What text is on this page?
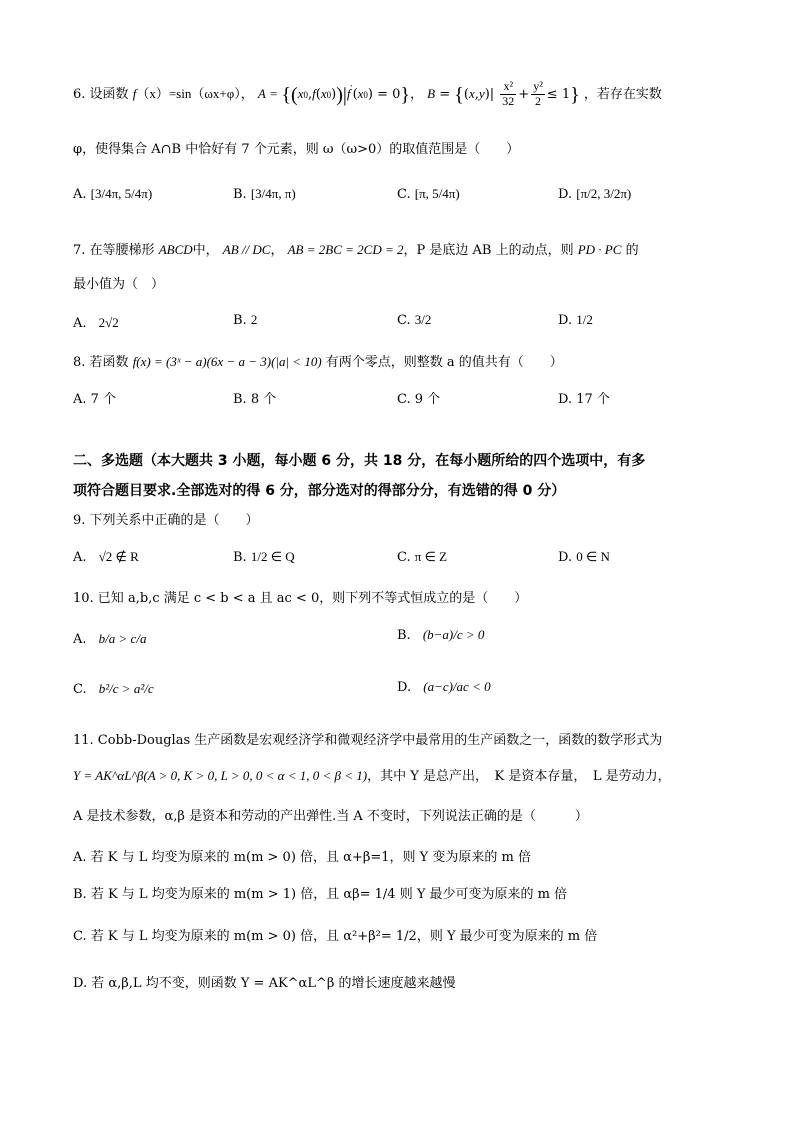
6. 设函数 f（x）=sin（ωx+φ）， A = {(x0,f(x0))|f′(x0) = 0}， $B = \{(x,y)| \frac{\text{x²}}{32} + \frac{\text{y²}}{2} \le 1\}$ ，若存在实数
φ，使得集合 A∩B 中恰好有 7 个元素，则 ω（ω>0）的取值范围是（　　）
A. [3/4π, 5/4π)	B. [3/4π, π)	C. [π, 5/4π)	D. [π/2, 3/2π)
7. 在等腰梯形 ABCD中， AB // DC， AB = 2BC = 2CD = 2，P 是底边 AB 上的动点，则 PD · PC 的
最小值为（　）
A. 2√2	B. 2	C. 3/2	D. 1/2
8. 若函数 f(x) = (3ˣ − a)(6x − a − 3)(|a| < 10) 有两个零点，则整数 a 的值共有（　　）
A. 7 个	B. 8 个	C. 9 个	D. 17 个
二、多选题（本大题共 3 小题，每小题 6 分，共 18 分，在每小题所给的四个选项中，有多
项符合题目要求.全部选对的得 6 分，部分选对的得部分分，有选错的得 0 分）
9. 下列关系中正确的是（　　）
A. √2 ∉ R	B. 1/2 ∈ Q	C. π ∈ Z	D. 0 ∈ N
10. 已知 a,b,c 满足 c < b < a 且 ac < 0，则下列不等式恒成立的是（　　）
A. b/a > c/a	B. (b−a)/c > 0
C. b²/c > a²/c	D. (a−c)/ac < 0
11. Cobb-Douglas 生产函数是宏观经济学和微观经济学中最常用的生产函数之一，函数的数学形式为
Y = AK^αL^β(A > 0, K > 0, L > 0, 0 < α < 1, 0 < β < 1)，其中 Y 是总产出，　K 是资本存量，　L 是劳动力，
A 是技术参数，α,β 是资本和劳动的产出弹性.当 A 不变时，下列说法正确的是（　　　）
A. 若 K 与 L 均变为原来的 m(m > 0) 倍，且 α+β=1，则 Y 变为原来的 m 倍
B. 若 K 与 L 均变为原来的 m(m > 1) 倍，且 αβ= 1/4 则 Y 最少可变为原来的 m 倍
C. 若 K 与 L 均变为原来的 m(m > 0) 倍，且 α²+β²= 1/2，则 Y 最少可变为原来的 m 倍
D. 若 α,β,L 均不变，则函数 Y = AK^αL^β 的增长速度越来越慢
